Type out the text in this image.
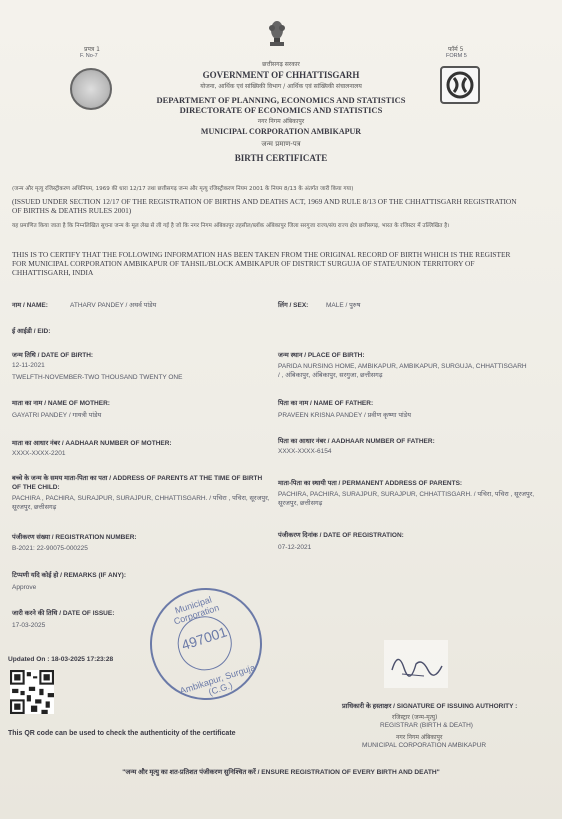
प्रपत्र 1
F. No-7
फॉर्म 5
FORM 5
छत्तीसगढ़ सरकार
GOVERNMENT OF CHHATTISGARH
योजना, आर्थिक एवं सांख्यिकी विभाग / आर्थिक एवं सांख्यिकी संचालनालय
DEPARTMENT OF PLANNING, ECONOMICS AND STATISTICS
DIRECTORATE OF ECONOMICS AND STATISTICS
नगर निगम अंबिकापुर
MUNICIPAL CORPORATION AMBIKAPUR
जन्म प्रमाण-पत्र
BIRTH CERTIFICATE
(जन्म और मृत्यु रजिस्ट्रीकरण अधिनियम, 1969 की धारा 12/17 तथा छत्तीसगढ़ जन्म और मृत्यु रजिस्ट्रीकरण नियम 2001 के नियम 8/13 के अंतर्गत जारी किया गया)
(ISSUED UNDER SECTION 12/17 OF THE REGISTRATION OF BIRTHS AND DEATHS ACT, 1969 AND RULE 8/13 OF THE CHHATTISGARH REGISTRATION OF BIRTHS & DEATHS RULES 2001)
यह प्रमाणित किया जाता है कि निम्नलिखित सूचना जन्म के मूल लेख से ली गई है जो कि नगर निगम अंबिकापुर तहसील/ब्लॉक अंबिकापुर जिला सरगुजा राज्य/संघ राज्य क्षेत्र छत्तीसगढ़, भारत के रजिस्टर में उल्लिखित है।
THIS IS TO CERTIFY THAT THE FOLLOWING INFORMATION HAS BEEN TAKEN FROM THE ORIGINAL RECORD OF BIRTH WHICH IS THE REGISTER FOR MUNICIPAL CORPORATION AMBIKAPUR OF TAHSIL/BLOCK AMBIKAPUR OF DISTRICT SURGUJA OF STATE/UNION TERRITORY OF CHHATTISGARH, INDIA
नाम / NAME:	ATHARV PANDEY / अथर्व पांडेय	लिंग / SEX:	MALE / पुरुष
ई आईडी / EID:
जन्म तिथि / DATE OF BIRTH:
12-11-2021
TWELFTH-NOVEMBER-TWO THOUSAND TWENTY ONE
जन्म स्थान / PLACE OF BIRTH:
PARIDA NURSING HOME, AMBIKAPUR, AMBIKAPUR, SURGUJA, CHHATTISGARH / , अंबिकापुर, अंबिकापुर, सरगुजा, छत्तीसगढ़
माता का नाम / NAME OF MOTHER:
GAYATRI PANDEY / गायत्री पांडेय
पिता का नाम / NAME OF FATHER:
PRAVEEN KRISNA PANDEY / प्रवीण कृष्णा पांडेय
माता का आधार नंबर / AADHAAR NUMBER OF MOTHER:
XXXX-XXXX-2201
पिता का आधार नंबर / AADHAAR NUMBER OF FATHER:
XXXX-XXXX-6154
बच्चे के जन्म के समय माता-पिता का पता / ADDRESS OF PARENTS AT THE TIME OF BIRTH OF THE CHILD:
PACHIRA , PACHIRA, SURAJPUR, SURAJPUR, CHHATTISGARH. / पचिरा , पचिरा, सूरजपुर, सूरजपुर, छत्तीसगढ़
माता-पिता का स्थायी पता / PERMANENT ADDRESS OF PARENTS:
PACHIRA, PACHIRA, SURAJPUR, SURAJPUR, CHHATTISGARH. / पचिरा, पचिरा , सूरजपुर, सूरजपुर, छत्तीसगढ़
पंजीकरण संख्या / REGISTRATION NUMBER:
B-2021: 22-90075-000225
पंजीकरण दिनांक / DATE OF REGISTRATION:
07-12-2021
टिप्पणी यदि कोई हो / REMARKS (IF ANY):
Approve
जारी करने की तिथि / DATE OF ISSUE:
17-03-2025
Municipal Corporation
497001
Ambikapur, Surguja (C.G.)
Updated On : 18-03-2025 17:23:28
प्राधिकारी के हस्ताक्षर / SIGNATURE OF ISSUING AUTHORITY :
रजिस्ट्रार (जन्म-मृत्यु)
REGISTRAR (BIRTH & DEATH)
नगर निगम अंबिकापुर
MUNICIPAL CORPORATION AMBIKAPUR
This QR code can be used to check the authenticity of the certificate
"जन्म और मृत्यु का शत-प्रतिशत पंजीकरण सुनिश्चित करें / ENSURE REGISTRATION OF EVERY BIRTH AND DEATH"
